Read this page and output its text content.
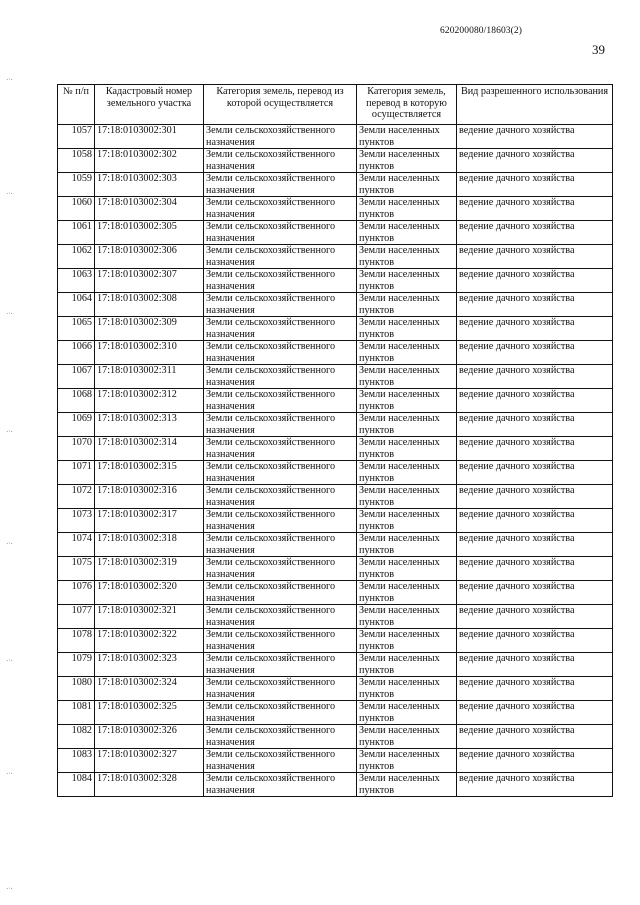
620200080/18603(2)
39
·ˑ·
·ˑ·
·ˑ·
·ˑ·
·ˑ·
·ˑ·
·ˑ·
·ˑ·
№ п/п	Кадастровый номер земельного участка	Категория земель, перевод из которой осуществляется	Категория земель, перевод в которую осуществляется	Вид разрешенного использования
1057	17:18:0103002:301	Земли сельскохозяйственного назначения	Земли населенных пунктов	ведение дачного хозяйства
1058	17:18:0103002:302	Земли сельскохозяйственного назначения	Земли населенных пунктов	ведение дачного хозяйства
1059	17:18:0103002:303	Земли сельскохозяйственного назначения	Земли населенных пунктов	ведение дачного хозяйства
1060	17:18:0103002:304	Земли сельскохозяйственного назначения	Земли населенных пунктов	ведение дачного хозяйства
1061	17:18:0103002:305	Земли сельскохозяйственного назначения	Земли населенных пунктов	ведение дачного хозяйства
1062	17:18:0103002:306	Земли сельскохозяйственного назначения	Земли населенных пунктов	ведение дачного хозяйства
1063	17:18:0103002:307	Земли сельскохозяйственного назначения	Земли населенных пунктов	ведение дачного хозяйства
1064	17:18:0103002:308	Земли сельскохозяйственного назначения	Земли населенных пунктов	ведение дачного хозяйства
1065	17:18:0103002:309	Земли сельскохозяйственного назначения	Земли населенных пунктов	ведение дачного хозяйства
1066	17:18:0103002:310	Земли сельскохозяйственного назначения	Земли населенных пунктов	ведение дачного хозяйства
1067	17:18:0103002:311	Земли сельскохозяйственного назначения	Земли населенных пунктов	ведение дачного хозяйства
1068	17:18:0103002:312	Земли сельскохозяйственного назначения	Земли населенных пунктов	ведение дачного хозяйства
1069	17:18:0103002:313	Земли сельскохозяйственного назначения	Земли населенных пунктов	ведение дачного хозяйства
1070	17:18:0103002:314	Земли сельскохозяйственного назначения	Земли населенных пунктов	ведение дачного хозяйства
1071	17:18:0103002:315	Земли сельскохозяйственного назначения	Земли населенных пунктов	ведение дачного хозяйства
1072	17:18:0103002:316	Земли сельскохозяйственного назначения	Земли населенных пунктов	ведение дачного хозяйства
1073	17:18:0103002:317	Земли сельскохозяйственного назначения	Земли населенных пунктов	ведение дачного хозяйства
1074	17:18:0103002:318	Земли сельскохозяйственного назначения	Земли населенных пунктов	ведение дачного хозяйства
1075	17:18:0103002:319	Земли сельскохозяйственного назначения	Земли населенных пунктов	ведение дачного хозяйства
1076	17:18:0103002:320	Земли сельскохозяйственного назначения	Земли населенных пунктов	ведение дачного хозяйства
1077	17:18:0103002:321	Земли сельскохозяйственного назначения	Земли населенных пунктов	ведение дачного хозяйства
1078	17:18:0103002:322	Земли сельскохозяйственного назначения	Земли населенных пунктов	ведение дачного хозяйства
1079	17:18:0103002:323	Земли сельскохозяйственного назначения	Земли населенных пунктов	ведение дачного хозяйства
1080	17:18:0103002:324	Земли сельскохозяйственного назначения	Земли населенных пунктов	ведение дачного хозяйства
1081	17:18:0103002:325	Земли сельскохозяйственного назначения	Земли населенных пунктов	ведение дачного хозяйства
1082	17:18:0103002:326	Земли сельскохозяйственного назначения	Земли населенных пунктов	ведение дачного хозяйства
1083	17:18:0103002:327	Земли сельскохозяйственного назначения	Земли населенных пунктов	ведение дачного хозяйства
1084	17:18:0103002:328	Земли сельскохозяйственного назначения	Земли населенных пунктов	ведение дачного хозяйства
